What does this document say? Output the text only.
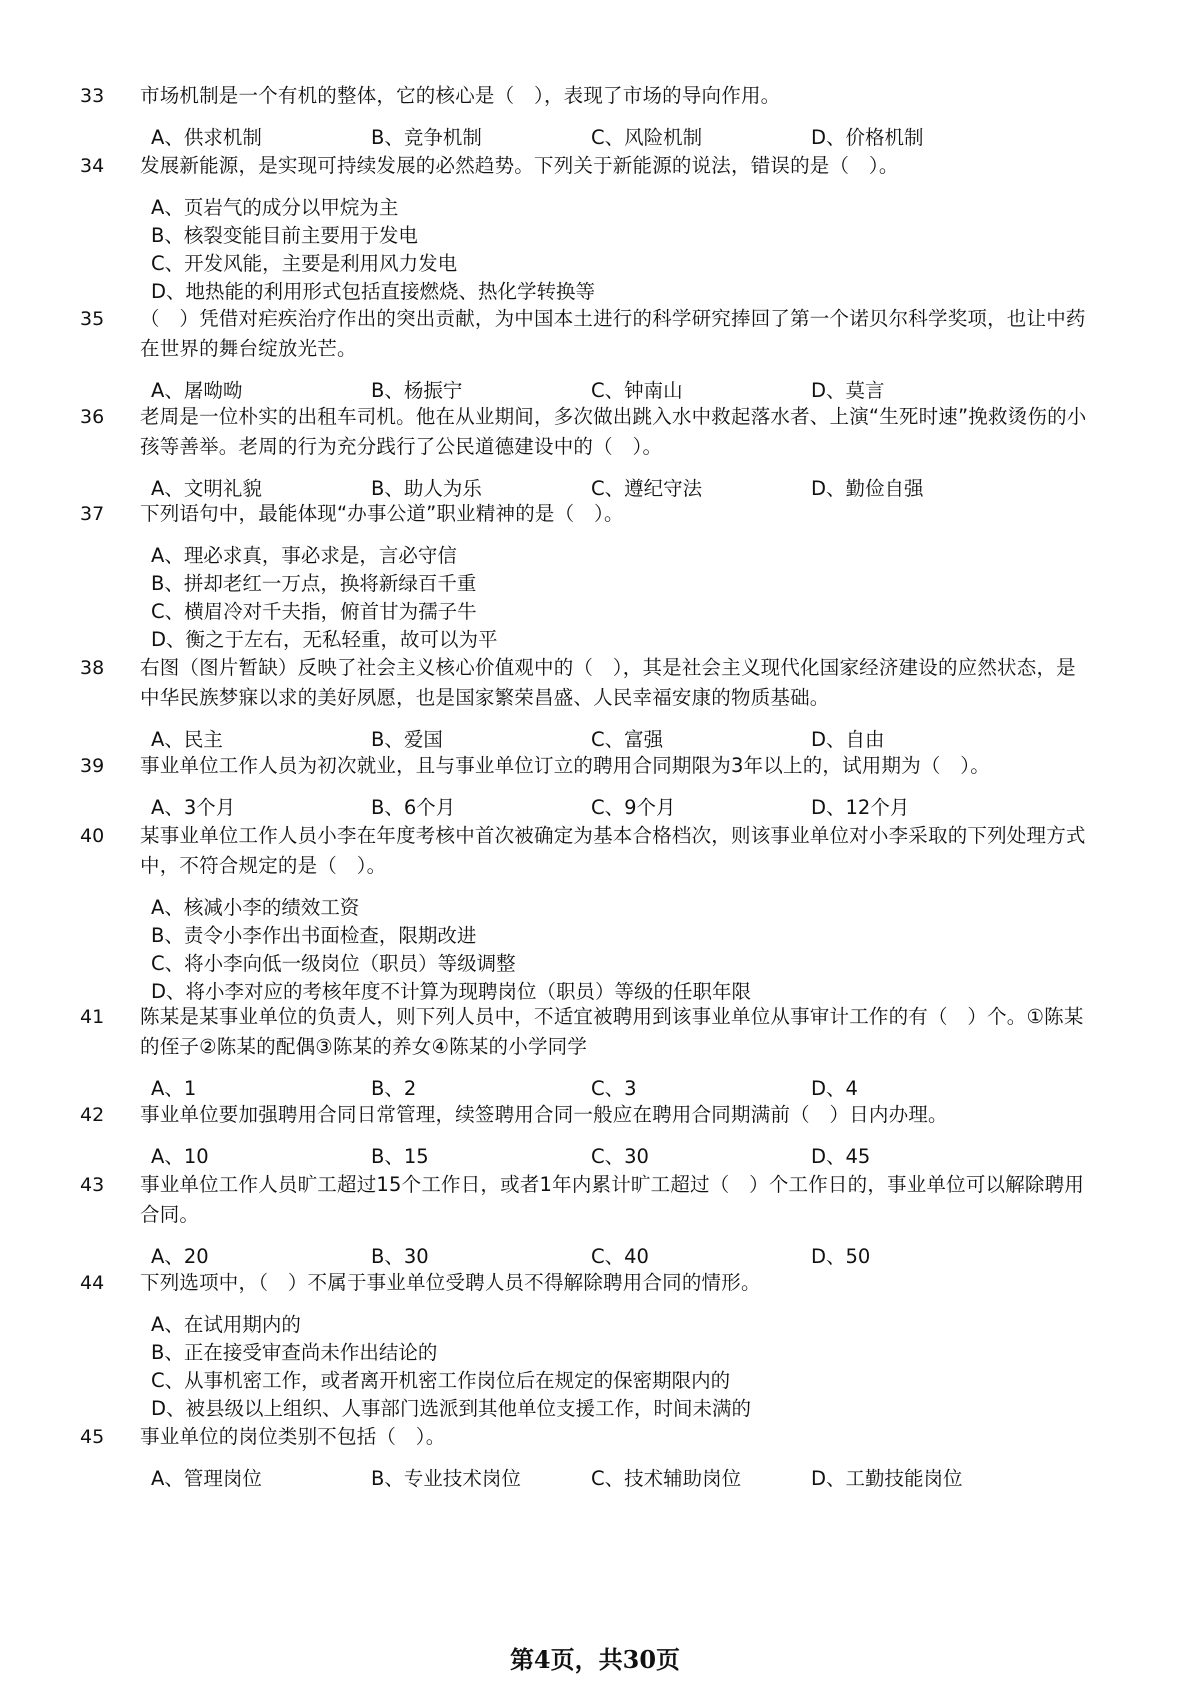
33 市场机制是一个有机的整体，它的核心是（　），表现了市场的导向作用。
A、供求机制	B、竞争机制	C、风险机制	D、价格机制
34 发展新能源，是实现可持续发展的必然趋势。下列关于新能源的说法，错误的是（　）。
A、页岩气的成分以甲烷为主
B、核裂变能目前主要用于发电
C、开发风能，主要是利用风力发电
D、地热能的利用形式包括直接燃烧、热化学转换等
35 （　）凭借对疟疾治疗作出的突出贡献，为中国本土进行的科学研究捧回了第一个诺贝尔科学奖项，也让中药在世界的舞台绽放光芒。
A、屠呦呦	B、杨振宁	C、钟南山	D、莫言
36 老周是一位朴实的出租车司机。他在从业期间，多次做出跳入水中救起落水者、上演“生死时速”挽救烫伤的小孩等善举。老周的行为充分践行了公民道德建设中的（　）。
A、文明礼貌	B、助人为乐	C、遵纪守法	D、勤俭自强
37 下列语句中，最能体现“办事公道”职业精神的是（　）。
A、理必求真，事必求是，言必守信
B、拼却老红一万点，换将新绿百千重
C、横眉冷对千夫指，俯首甘为孺子牛
D、衡之于左右，无私轻重，故可以为平
38 右图（图片暂缺）反映了社会主义核心价值观中的（　），其是社会主义现代化国家经济建设的应然状态，是中华民族梦寐以求的美好夙愿，也是国家繁荣昌盛、人民幸福安康的物质基础。
A、民主	B、爱国	C、富强	D、自由
39 事业单位工作人员为初次就业，且与事业单位订立的聘用合同期限为3年以上的，试用期为（　）。
A、3个月	B、6个月	C、9个月	D、12个月
40 某事业单位工作人员小李在年度考核中首次被确定为基本合格档次，则该事业单位对小李采取的下列处理方式中，不符合规定的是（　）。
A、核减小李的绩效工资
B、责令小李作出书面检查，限期改进
C、将小李向低一级岗位（职员）等级调整
D、将小李对应的考核年度不计算为现聘岗位（职员）等级的任职年限
41 陈某是某事业单位的负责人，则下列人员中，不适宜被聘用到该事业单位从事审计工作的有（　）个。①陈某的侄子②陈某的配偶③陈某的养女④陈某的小学同学
A、1	B、2	C、3	D、4
42 事业单位要加强聘用合同日常管理，续签聘用合同一般应在聘用合同期满前（　）日内办理。
A、10	B、15	C、30	D、45
43 事业单位工作人员旷工超过15个工作日，或者1年内累计旷工超过（　）个工作日的，事业单位可以解除聘用合同。
A、20	B、30	C、40	D、50
44 下列选项中，（　）不属于事业单位受聘人员不得解除聘用合同的情形。
A、在试用期内的
B、正在接受审查尚未作出结论的
C、从事机密工作，或者离开机密工作岗位后在规定的保密期限内的
D、被县级以上组织、人事部门选派到其他单位支援工作，时间未满的
45 事业单位的岗位类别不包括（　）。
A、管理岗位	B、专业技术岗位	C、技术辅助岗位	D、工勤技能岗位
第4页，共30页
